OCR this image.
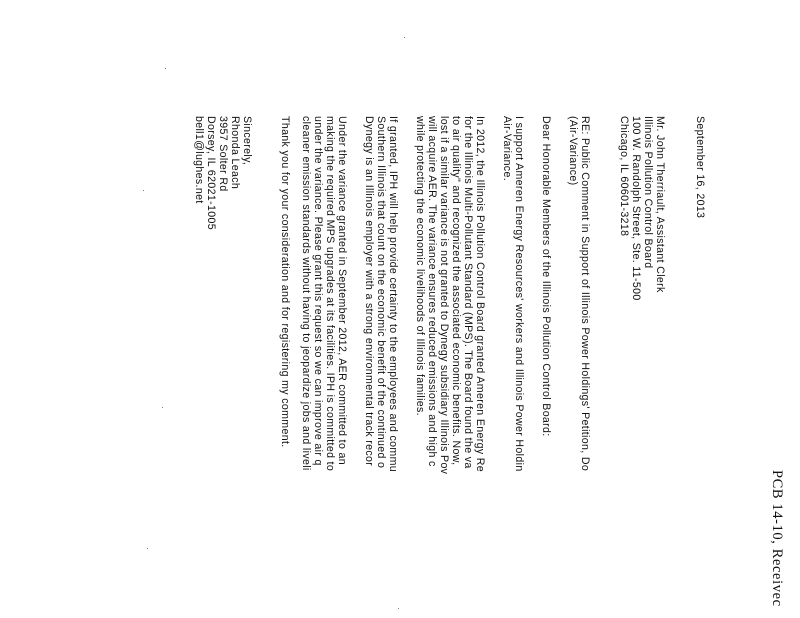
PCB 14-10, Receivec
September 16, 2013
Mr. John Therriault, Assistant Clerk
Illinois Pollution Control Board
100 W. Randolph Street, Ste. 11-500
Chicago, IL 60601-3218
RE: Public Comment in Support of Illinois Power Holdings' Petition, Do
(Air-Variance)
Dear Honorable Members of the Illinois Pollution Control Board:
I support Ameren Energy Resources' workers and Illinois Power Holdin
Air-Variance.
In 2012, the Illinois Pollution Control Board granted Ameren Energy Re
for the Illinois Multi-Pollutant Standard (MPS). The Board found the va
to air quality" and recognized the associated economic benefits. Now,
lost if a similar variance is not granted to Dynegy subsidiary Illinois Pov
will acquire AER. The variance ensures reduced emissions and high c
while protecting the economic livelihoods of Illinois families.
If granted, IPH will help provide certainty to the employees and commu
Southern Illinois that count on the economic benefit of the continued o
Dynegy is an Illinois employer with a strong environmental track recor
Under the variance granted in September 2012, AER committed to an
making the required MPS upgrades at its facilities. IPH is committed to
under the variance. Please grant this request so we can improve air q
cleaner emission standards without having to jeopardize jobs and liveli
Thank you for your consideration and for registering my comment.
Sincerely,
Rhonda Leach
3957 Solter Rd
Dorsey, IL 62021-1005
bell1@lughes.net
